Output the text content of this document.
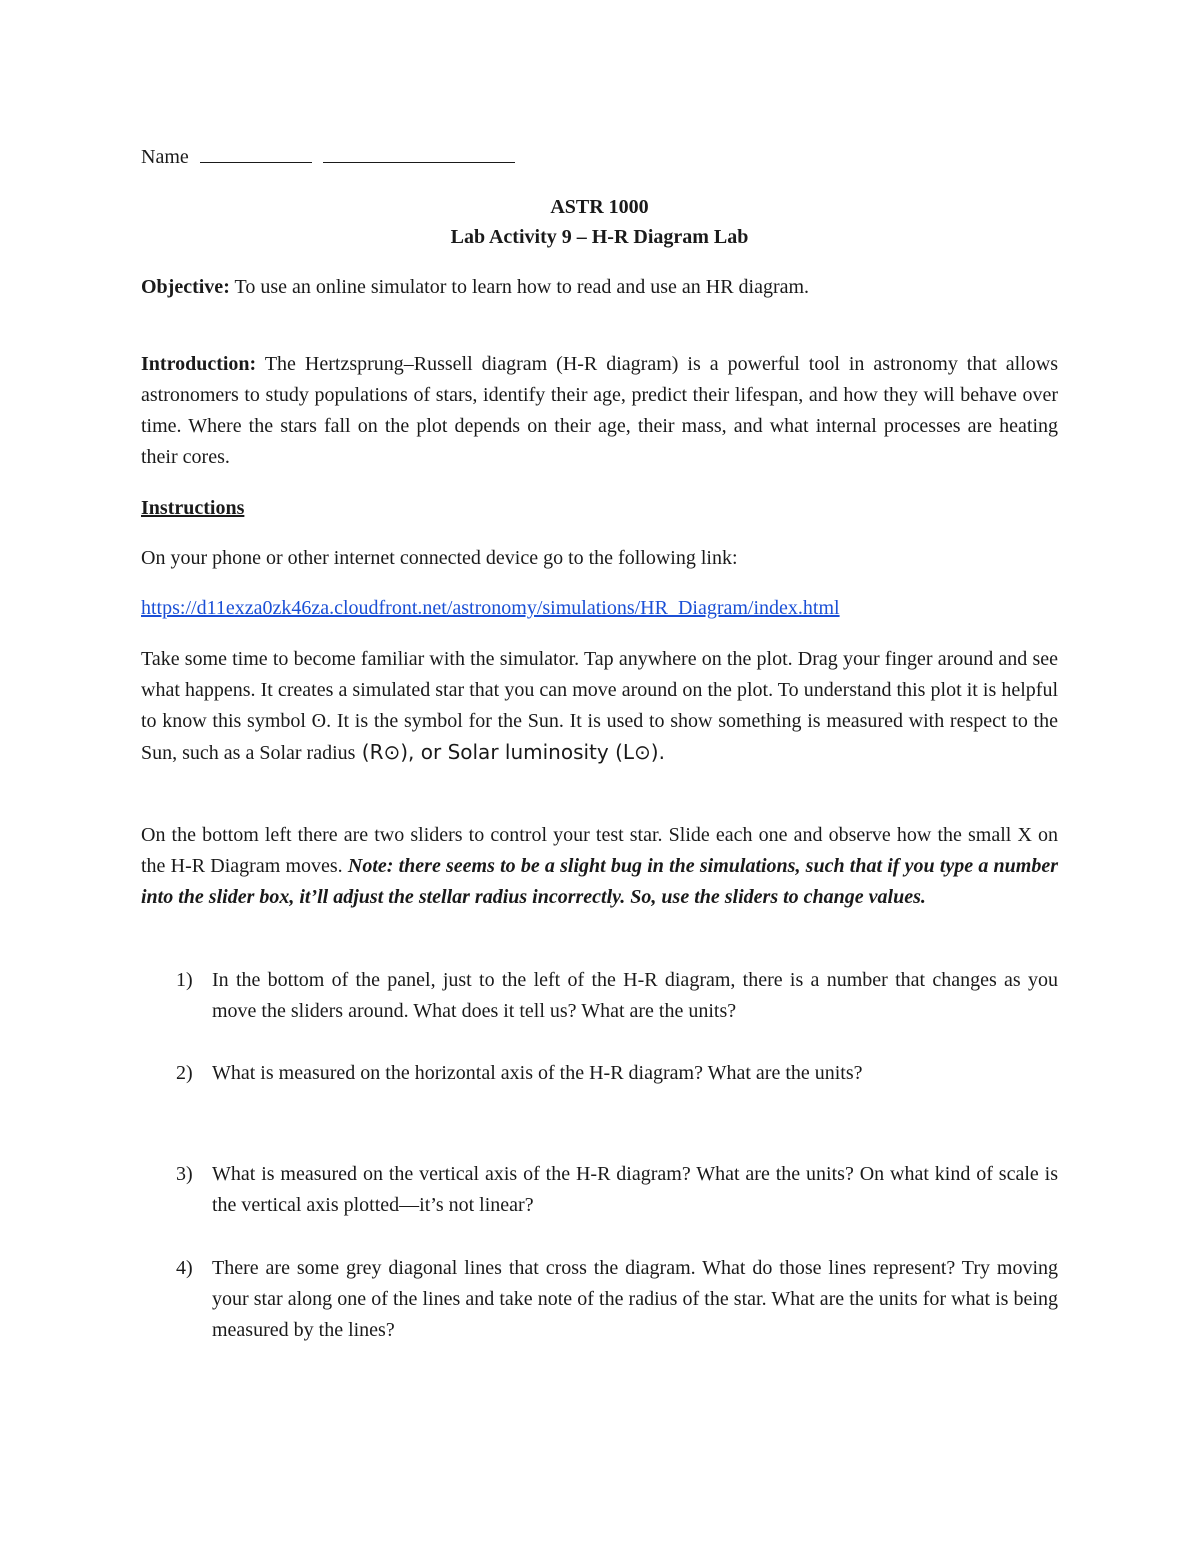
Name
ASTR 1000
Lab Activity 9 – H-R Diagram Lab
Objective: To use an online simulator to learn how to read and use an HR diagram.
Introduction: The Hertzsprung–Russell diagram (H-R diagram) is a powerful tool in astronomy that allows astronomers to study populations of stars, identify their age, predict their lifespan, and how they will behave over time. Where the stars fall on the plot depends on their age, their mass, and what internal processes are heating their cores.
Instructions
On your phone or other internet connected device go to the following link:
https://d11exza0zk46za.cloudfront.net/astronomy/simulations/HR_Diagram/index.html
Take some time to become familiar with the simulator. Tap anywhere on the plot. Drag your finger around and see what happens. It creates a simulated star that you can move around on the plot. To understand this plot it is helpful to know this symbol ʘ. It is the symbol for the Sun. It is used to show something is measured with respect to the Sun, such as a Solar radius (R⊙), or Solar luminosity (L⊙).
On the bottom left there are two sliders to control your test star. Slide each one and observe how the small X on the H-R Diagram moves. Note: there seems to be a slight bug in the simulations, such that if you type a number into the slider box, it’ll adjust the stellar radius incorrectly. So, use the sliders to change values.
1) In the bottom of the panel, just to the left of the H-R diagram, there is a number that changes as you move the sliders around. What does it tell us? What are the units?
2) What is measured on the horizontal axis of the H-R diagram? What are the units?
3) What is measured on the vertical axis of the H-R diagram? What are the units? On what kind of scale is the vertical axis plotted—it’s not linear?
4) There are some grey diagonal lines that cross the diagram. What do those lines represent? Try moving your star along one of the lines and take note of the radius of the star. What are the units for what is being measured by the lines?
